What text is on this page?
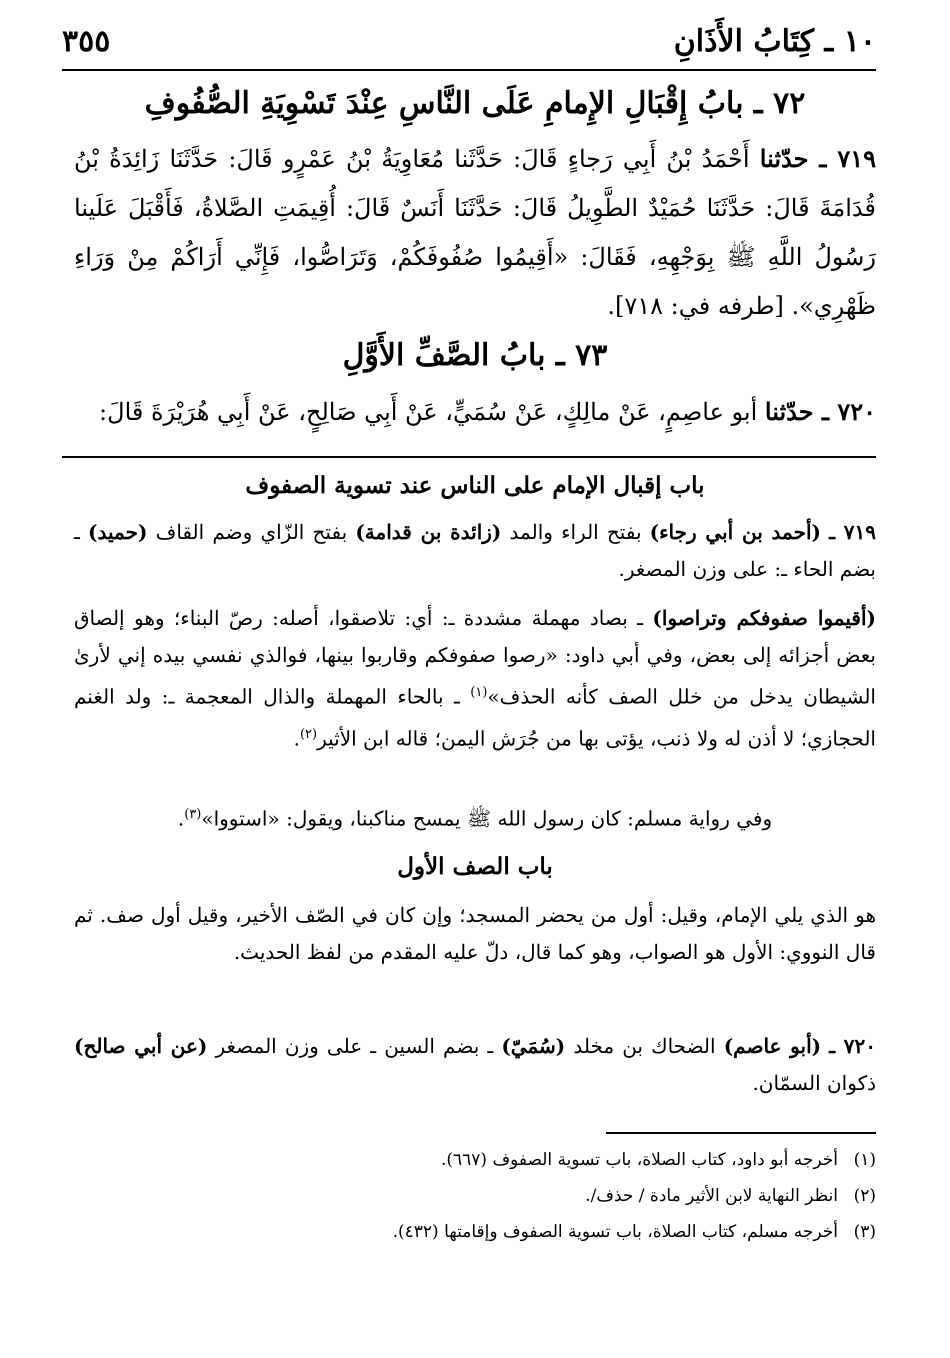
١٠ ـ كِتَابُ الأَذَانِ
٣٥٥
٧٢ ـ بابُ إِقْبَالِ الإِمامِ عَلَى النَّاسِ عِنْدَ تَسْوِيَةِ الصُّفُوفِ
٧١٩ ـ حدّثنا أَحْمَدُ بْنُ أَبِي رَجاءٍ قَالَ: حَدَّثَنا مُعَاوِيَةُ بْنُ عَمْرٍو قَالَ: حَدَّثَنَا زَائِدَةُ بْنُ قُدَامَةَ قَالَ: حَدَّثَنَا حُمَيْدٌ الطَّوِيلُ قَالَ: حَدَّثَنَا أَنَسٌ قَالَ: أُقِيمَتِ الصَّلاةُ، فَأَقْبَلَ عَلَينا رَسُولُ اللَّهِ ﷺ بِوَجْهِهِ، فَقَالَ: «أَقِيمُوا صُفُوفَكُمْ، وَتَرَاصُّوا، فَإِنِّي أَرَاكُمْ مِنْ وَرَاءِ ظَهْرِي». [طرفه في: ٧١٨].
٧٣ ـ بابُ الصَّفِّ الأَوَّلِ
٧٢٠ ـ حدّثنا أبو عاصِمٍ، عَنْ مالِكٍ، عَنْ سُمَيٍّ، عَنْ أَبِي صَالِحٍ، عَنْ أَبِي هُرَيْرَةَ قَالَ:
باب إقبال الإمام على الناس عند تسوية الصفوف
٧١٩ ـ (أحمد بن أبي رجاء) بفتح الراء والمد (زائدة بن قدامة) بفتح الزّاي وضم القاف (حميد) ـ بضم الحاء ـ: على وزن المصغر.
(أقيموا صفوفكم وتراصوا) ـ بصاد مهملة مشددة ـ: أي: تلاصقوا، أصله: رصّ البناء؛ وهو إلصاق بعض أجزائه إلى بعض، وفي أبي داود: «رصوا صفوفكم وقاربوا بينها، فوالذي نفسي بيده إني لأرىٰ الشيطان يدخل من خلل الصف كأنه الحذف»$^{(١)}$ ـ بالحاء المهملة والذال المعجمة ـ: ولد الغنم الحجازي؛ لا أذن له ولا ذنب، يؤتى بها من جُرَش اليمن؛ قاله ابن الأثير$^{(٢)}$.
وفي رواية مسلم: كان رسول الله ﷺ يمسح مناكبنا، ويقول: «استووا»$^{(٣)}$.
باب الصف الأول
هو الذي يلي الإمام، وقيل: أول من يحضر المسجد؛ وإن كان في الصّف الأخير، وقيل أول صف. ثم قال النووي: الأول هو الصواب، وهو كما قال، دلّ عليه المقدم من لفظ الحديث.
٧٢٠ ـ (أبو عاصم) الضحاك بن مخلد (سُمَيّ) ـ بضم السين ـ على وزن المصغر (عن أبي صالح) ذكوان السمّان.
(١)أخرجه أبو داود، كتاب الصلاة، باب تسوية الصفوف (٦٦٧).
(٢)انظر النهاية لابن الأثير مادة / حذف/.
(٣)أخرجه مسلم، كتاب الصلاة، باب تسوية الصفوف وإقامتها (٤٣٢).
